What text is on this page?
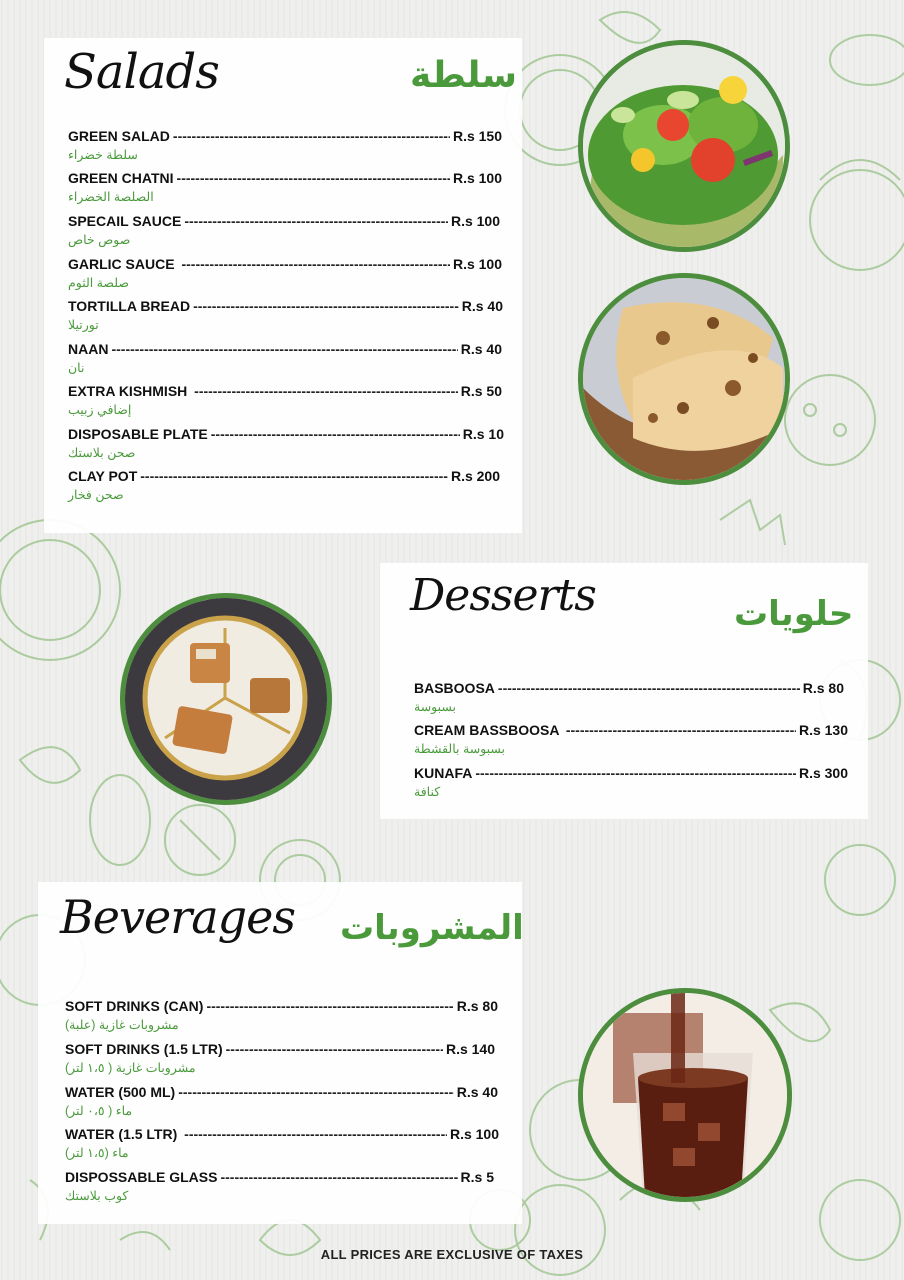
Salads	سلطة
GREEN SALAD -----	R.s 150
سلطة خضراء
GREEN CHATNI -----	R.s 100
الصلصة الخضراء
SPECAIL SAUCE -----	R.s 100
صوص خاص
GARLIC SAUCE -----	R.s 100
صلصة الثوم
TORTILLA BREAD -----	R.s 40
تورتيلا
NAAN -----	R.s 40
نان
EXTRA KISHMISH -----	R.s 50
إضافي زبيب
DISPOSABLE PLATE -----	R.s 10
صحن بلاستك
CLAY POT -----	R.s 200
صحن فخار
Desserts	حلويات
BASBOOSA -----	R.s 80
بسبوسة
CREAM BASSBOOSA -----	R.s 130
بسبوسة بالقشطة
KUNAFA -----	R.s 300
كنافة
Beverages المشروبات
SOFT DRINKS (CAN) -----	R.s 80
مشروبات غازية (علبة)
SOFT DRINKS (1.5 LTR) -----	R.s 140
مشروبات غازية ( ١،٥ لتر)
WATER (500 ML) -----	R.s 40
ماء ( ٠،٥ لتر)
WATER (1.5 LTR) -----	R.s 100
ماء (١،٥ لتر)
DISPOSSABLE GLASS -----	R.s 5
كوب بلاستك
ALL PRICES ARE EXCLUSIVE OF TAXES
